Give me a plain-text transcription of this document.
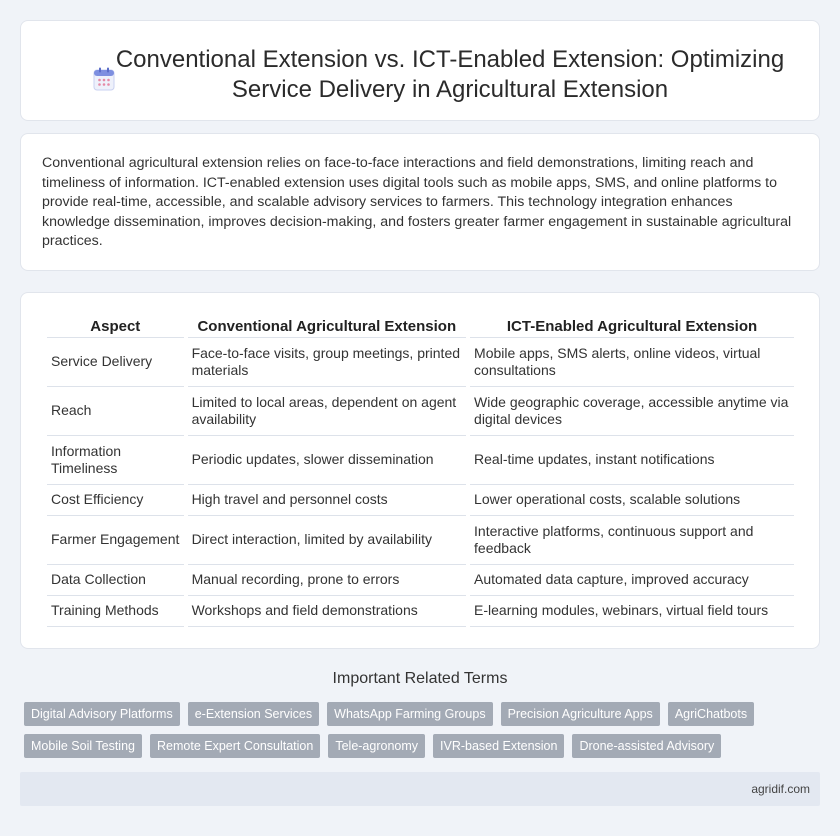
Conventional Extension vs. ICT-Enabled Extension: Optimizing Service Delivery in Agricultural Extension

Conventional agricultural extension relies on face-to-face interactions and field demonstrations, limiting reach and timeliness of information. ICT-enabled extension uses digital tools such as mobile apps, SMS, and online platforms to provide real-time, accessible, and scalable advisory services to farmers. This technology integration enhances knowledge dissemination, improves decision-making, and fosters greater farmer engagement in sustainable agricultural practices.

Aspect	Conventional Agricultural Extension	ICT-Enabled Agricultural Extension
Service Delivery	Face-to-face visits, group meetings, printed materials	Mobile apps, SMS alerts, online videos, virtual consultations
Reach	Limited to local areas, dependent on agent availability	Wide geographic coverage, accessible anytime via digital devices
Information Timeliness	Periodic updates, slower dissemination	Real-time updates, instant notifications
Cost Efficiency	High travel and personnel costs	Lower operational costs, scalable solutions
Farmer Engagement	Direct interaction, limited by availability	Interactive platforms, continuous support and feedback
Data Collection	Manual recording, prone to errors	Automated data capture, improved accuracy
Training Methods	Workshops and field demonstrations	E-learning modules, webinars, virtual field tours
Important Related Terms
Digital Advisory Platforms e-Extension Services WhatsApp Farming Groups Precision Agriculture Apps AgriChatbots
Mobile Soil Testing Remote Expert Consultation Tele-agronomy IVR-based Extension Drone-assisted Advisory
agridif.com
